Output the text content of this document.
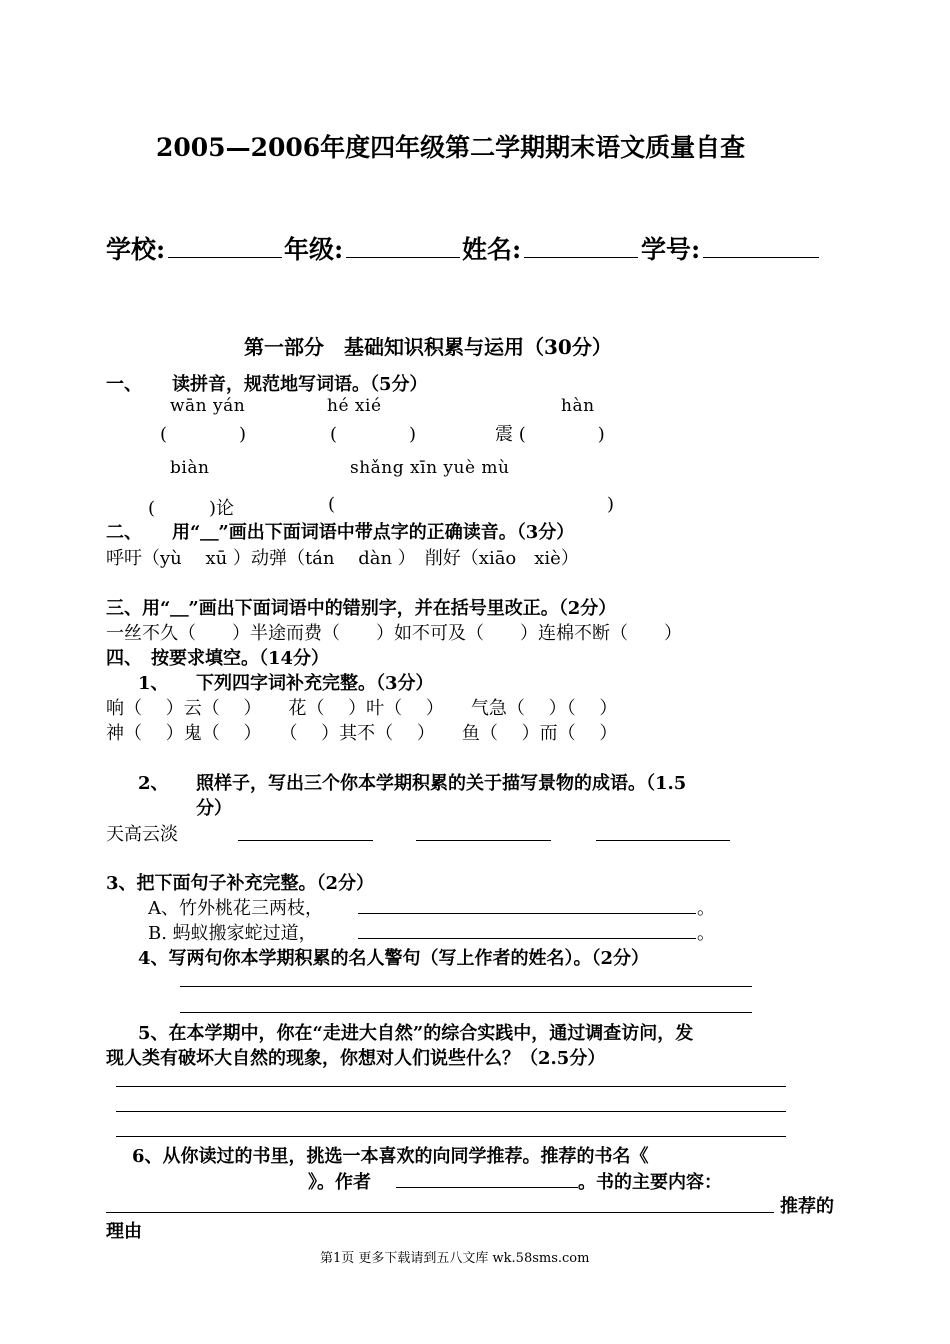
2005—2006年度四年级第二学期期末语文质量自查
学校:	年级:	姓名:	学号:
第一部分　基础知识积累与运用（30分）
一、 读拼音，规范地写词语。（5分）
wān yán	hé xié	hàn
(　　　　)	(　　　　)	震 (　　　　)
biàn	shǎng xīn yuè mù
(　　　)论	(	)
二、 用“＿”画出下面词语中带点字的正确读音。（3分）
呼吁（yù　 xū ）动弹（tán　 dàn ）　削好（xiāo　xiè）
三、用“＿”画出下面词语中的错别字，并在括号里改正。（2分）
一丝不久（　　）半途而费（　　）如不可及（　　）连棉不断（　　）
四、　按要求填空。（14分）
1、 下列四字词补充完整。（3分）
响（　 ）云（　 ）　　花（　 ）叶（　 ）　　气急（　 ）（　 ）
神（　 ）鬼（　 ）　　（　 ）其不（　 ）　　鱼（　 ）而（　 ）
2、 照样子，写出三个你本学期积累的关于描写景物的成语。（1.5
分）
天高云淡
3、把下面句子补充完整。（2分）
A、竹外桃花三两枝，	。
B. 蚂蚁搬家蛇过道，	。
4、写两句你本学期积累的名人警句（写上作者的姓名）。（2分）
5、在本学期中，你在“走进大自然”的综合实践中，通过调查访问，发
现人类有破坏大自然的现象，你想对人们说些什么？（2.5分）
6、从你读过的书里，挑选一本喜欢的向同学推荐。推荐的书名《
》。作者	。书的主要内容：
推荐的
理由
第1页 更多下载请到五八文库 wk.58sms.com
